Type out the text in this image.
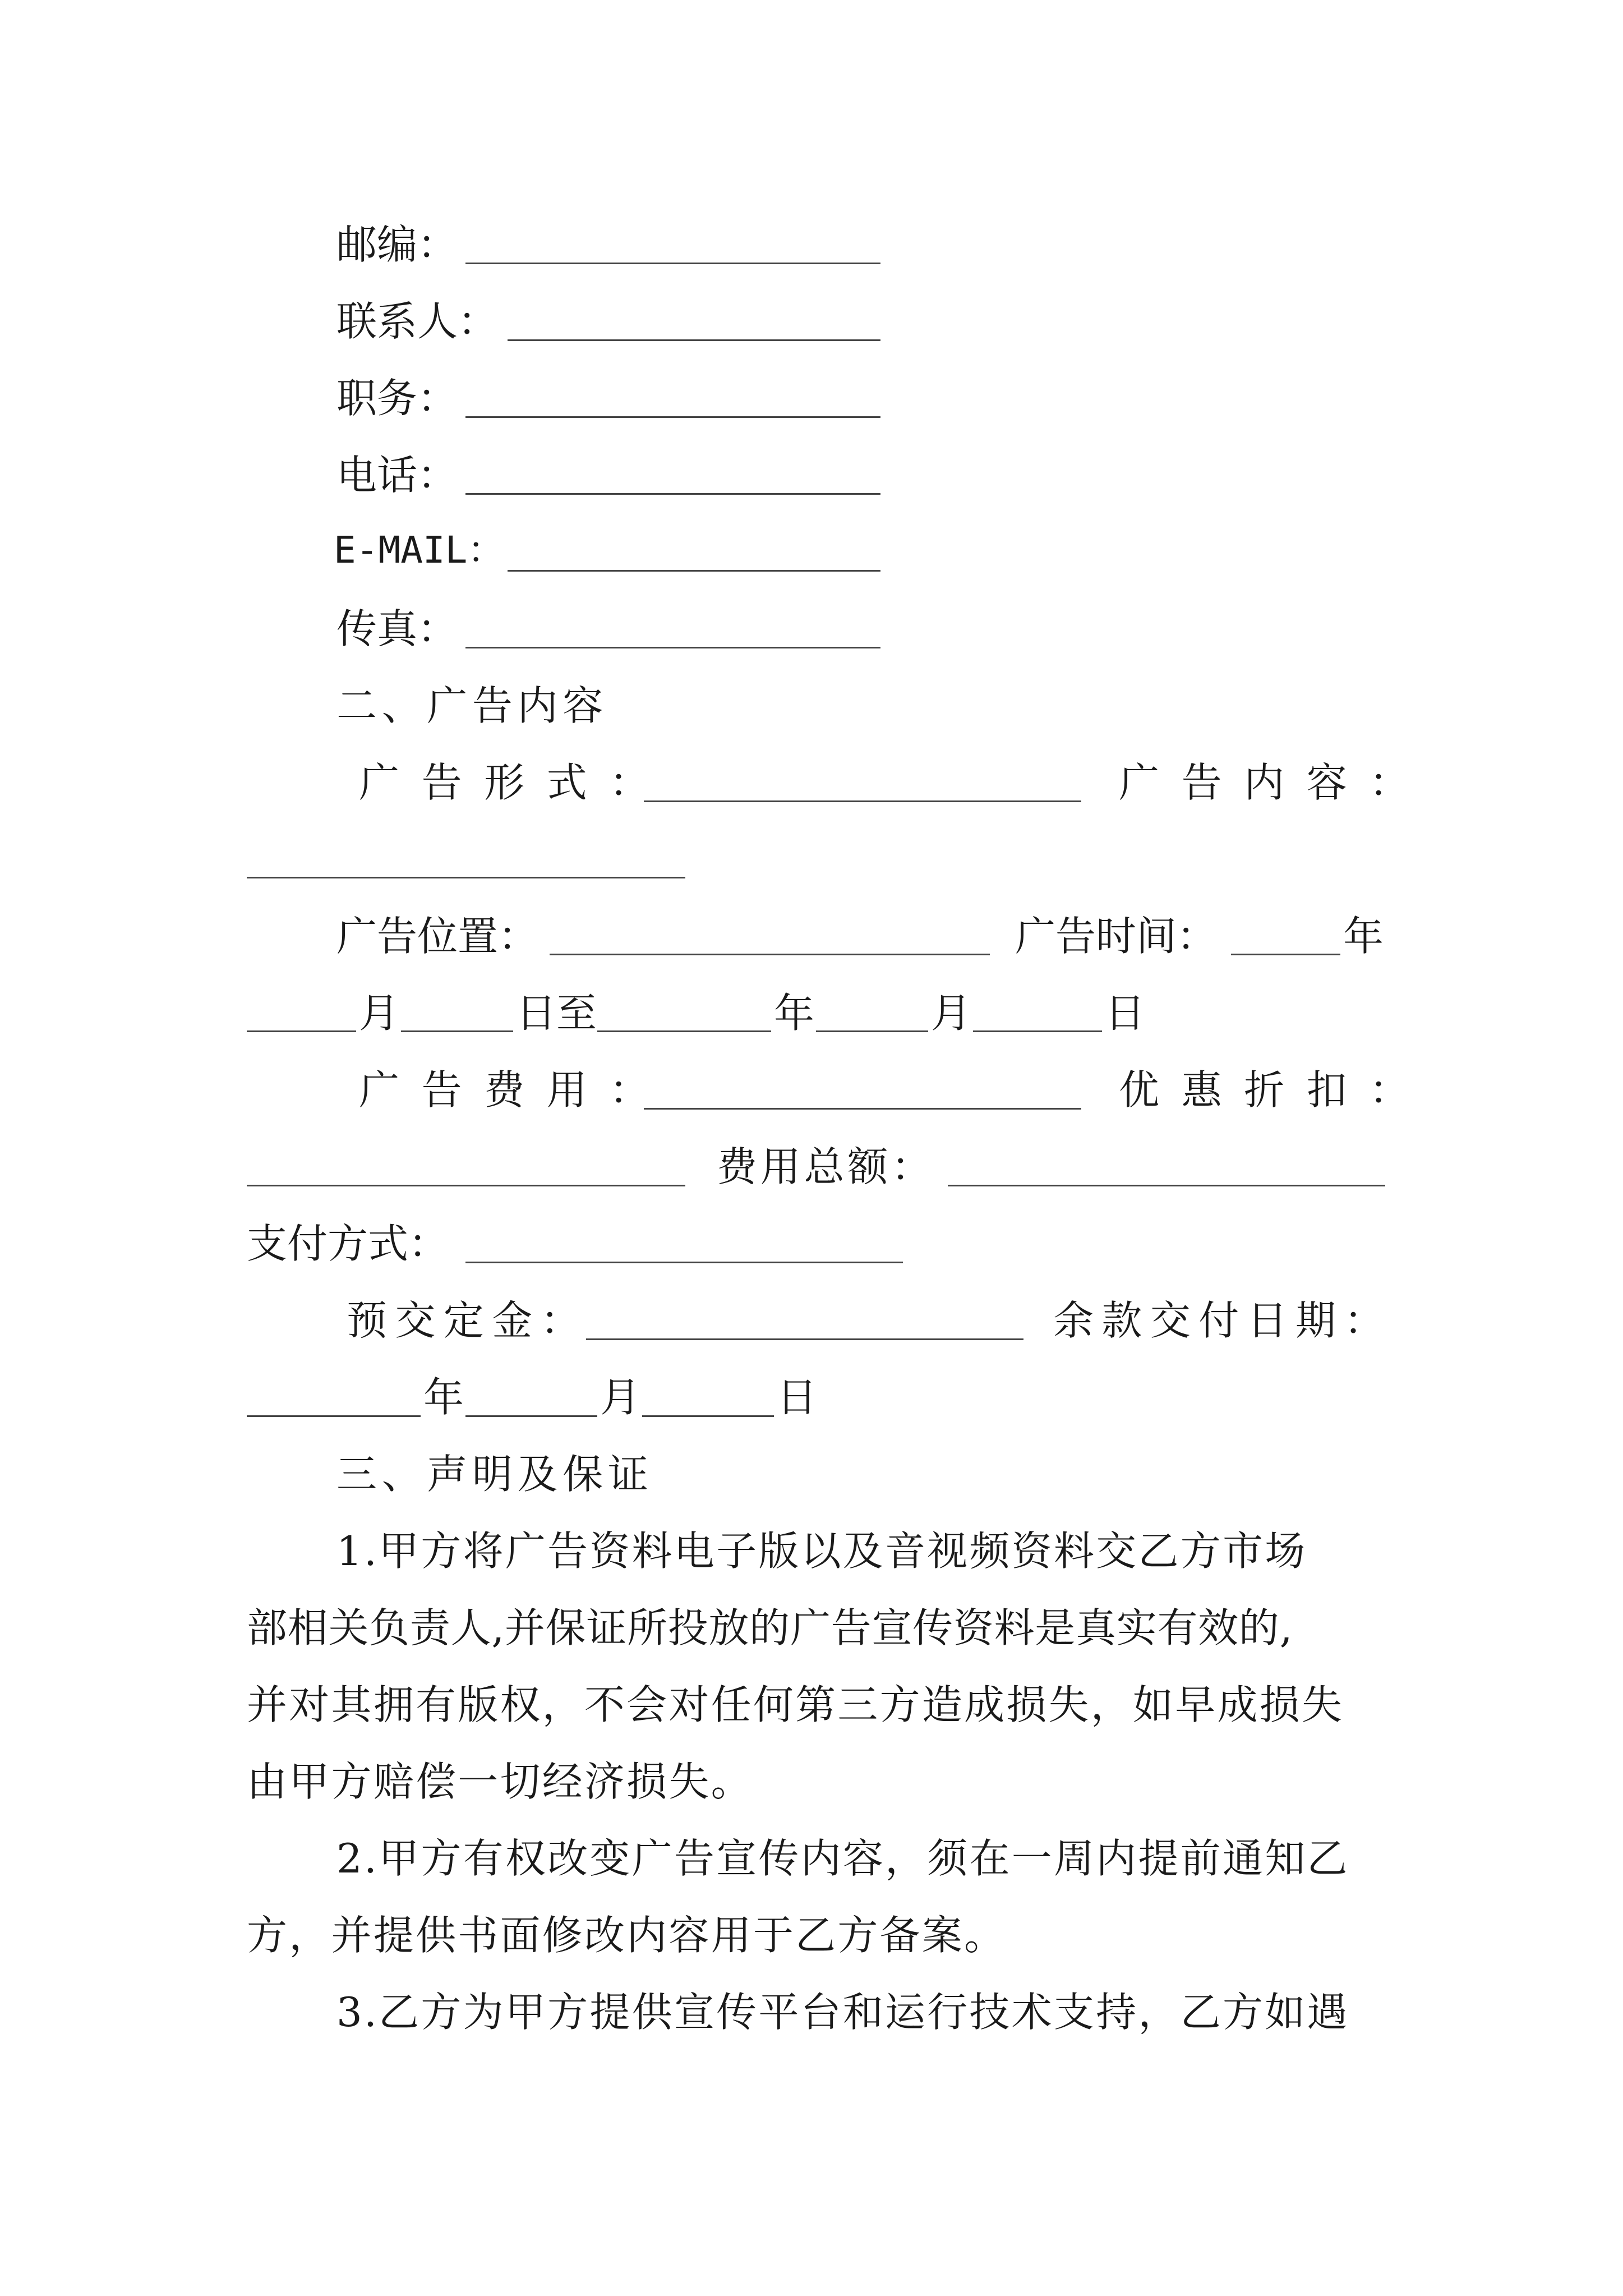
邮编：
联系人：
职务：
电话：
E-MAIL：
传真：
二、广告内容
广告形式：	广告内容：
广告位置：	广告时间：	年
月	日至	年	月	日
广告费用：	优惠折扣：
费用总额：
支付方式：
预交定金：	余款交付日期：
年	月	日
三、声明及保证
1.甲方将广告资料电子版以及音视频资料交乙方市场
部相关负责人,并保证所投放的广告宣传资料是真实有效的,
并对其拥有版权，不会对任何第三方造成损失，如早成损失
由甲方赔偿一切经济损失。
2.甲方有权改变广告宣传内容，须在一周内提前通知乙
方，并提供书面修改内容用于乙方备案。
3.乙方为甲方提供宣传平台和运行技术支持，乙方如遇
